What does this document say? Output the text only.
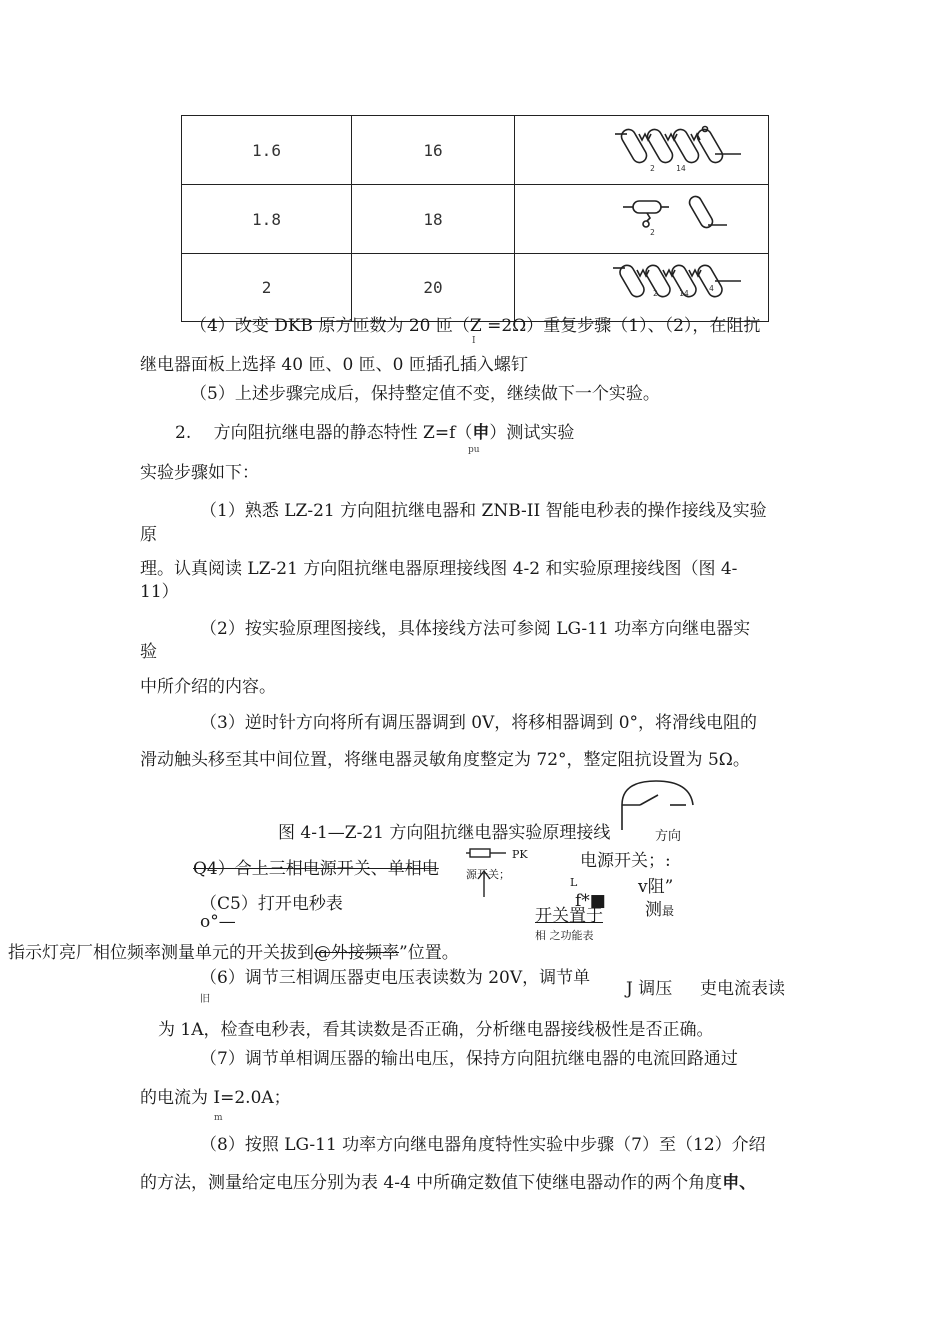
1.6	16	2 14

1.8	18	2

2	20	2 14
4
（4）改变 DKB 原方匝数为 20 匝（Z =2Ω）重复步骤（1）、（2），在阻抗
I
继电器面板上选择 40 匝、0 匝、0 匝插孔插入螺钉
（5）上述步骤完成后，保持整定值不变，继续做下一个实验。
2.　 方向阻抗继电器的静态特性 Z=f（申）测试实验
pu
实验步骤如下：
（1）熟悉 LZ-21 方向阻抗继电器和 ZNB-II 智能电秒表的操作接线及实验
原
理。认真阅读 LZ-21 方向阻抗继电器原理接线图 4-2 和实验原理接线图（图 4-
11）
（2）按实验原理图接线，具体接线方法可参阅 LG-11 功率方向继电器实
验
中所介绍的内容。
（3）逆时针方向将所有调压器调到 0V，将移相器调到 0°，将滑线电阻的
滑动触头移至其中间位置，将继电器灵敏角度整定为 72°，整定阻抗设置为 5Ω。
图 4-1—Z-21 方向阻抗继电器实验原理接线	方向
PK
Q4）合上三相电源开关、单相电 源开关；
电源开关；:
L	v阻”
f*■
（C5）打开电秒表
o°—	开关置于 测最
相 之功能表
指示灯亮厂相位频率测量单元的开关拔到@外接频率”位置。
（6）调节三相调压器吏电压表读数为 20V，调节单
J 调压 吏电流表读
旧
为 1A，检查电秒表，看其读数是否正确，分析继电器接线极性是否正确。
（7）调节单相调压器的输出电压，保持方向阻抗继电器的电流回路通过
的电流为 I=2.0A；
m
（8）按照 LG-11 功率方向继电器角度特性实验中步骤（7）至（12）介绍
的方法，测量给定电压分别为表 4-4 中所确定数值下使继电器动作的两个角度申、
